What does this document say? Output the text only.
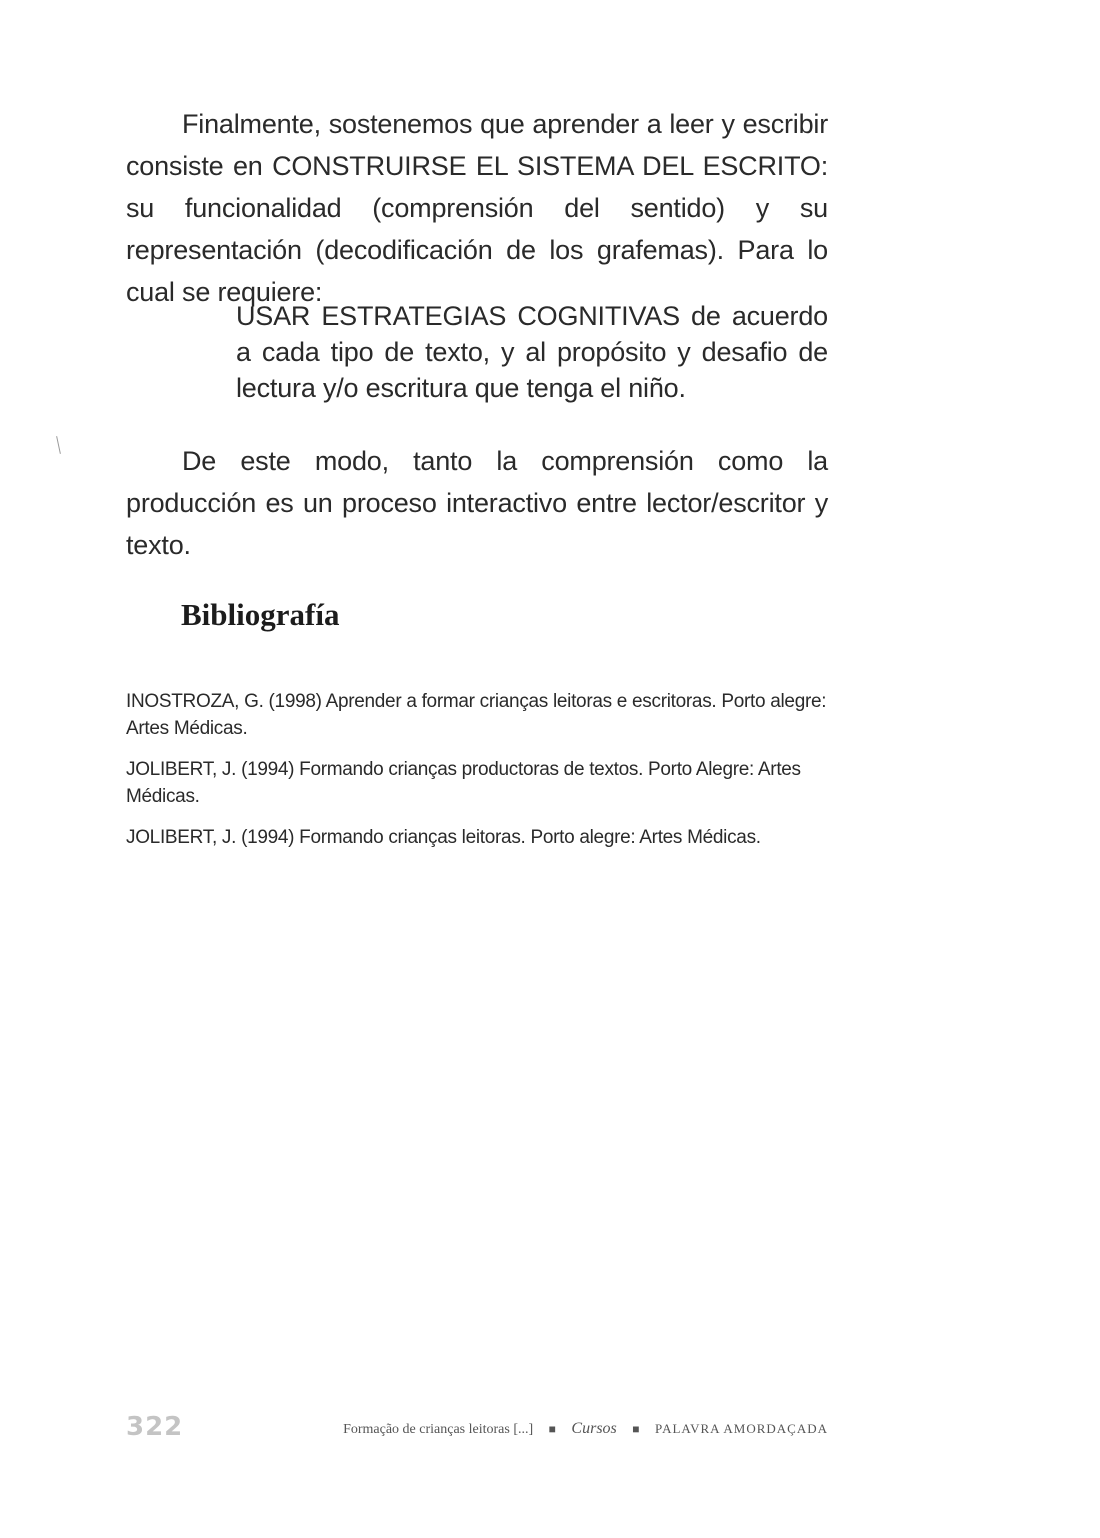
Finalmente, sostenemos que aprender a leer y escribir consiste en CONSTRUIRSE EL SISTEMA DEL ESCRITO: su funcionalidad (comprensión del sentido) y su representación (decodificación de los grafemas). Para lo cual se requiere:
USAR ESTRATEGIAS COGNITIVAS de acuerdo a cada tipo de texto, y al propósito y desafio de lectura y/o escritura que tenga el niño.
De este modo, tanto la comprensión como la producción es un proceso interactivo entre lector/escritor y texto.
Bibliografía
INOSTROZA, G. (1998) Aprender a formar crianças leitoras e escritoras. Porto alegre: Artes Médicas.
JOLIBERT, J. (1994) Formando crianças productoras de textos. Porto Alegre: Artes Médicas.
JOLIBERT, J. (1994) Formando crianças leitoras. Porto alegre: Artes Médicas.
322	Formação de crianças leitoras [...] ■ Cursos ■ PALAVRA AMORDAÇADA
